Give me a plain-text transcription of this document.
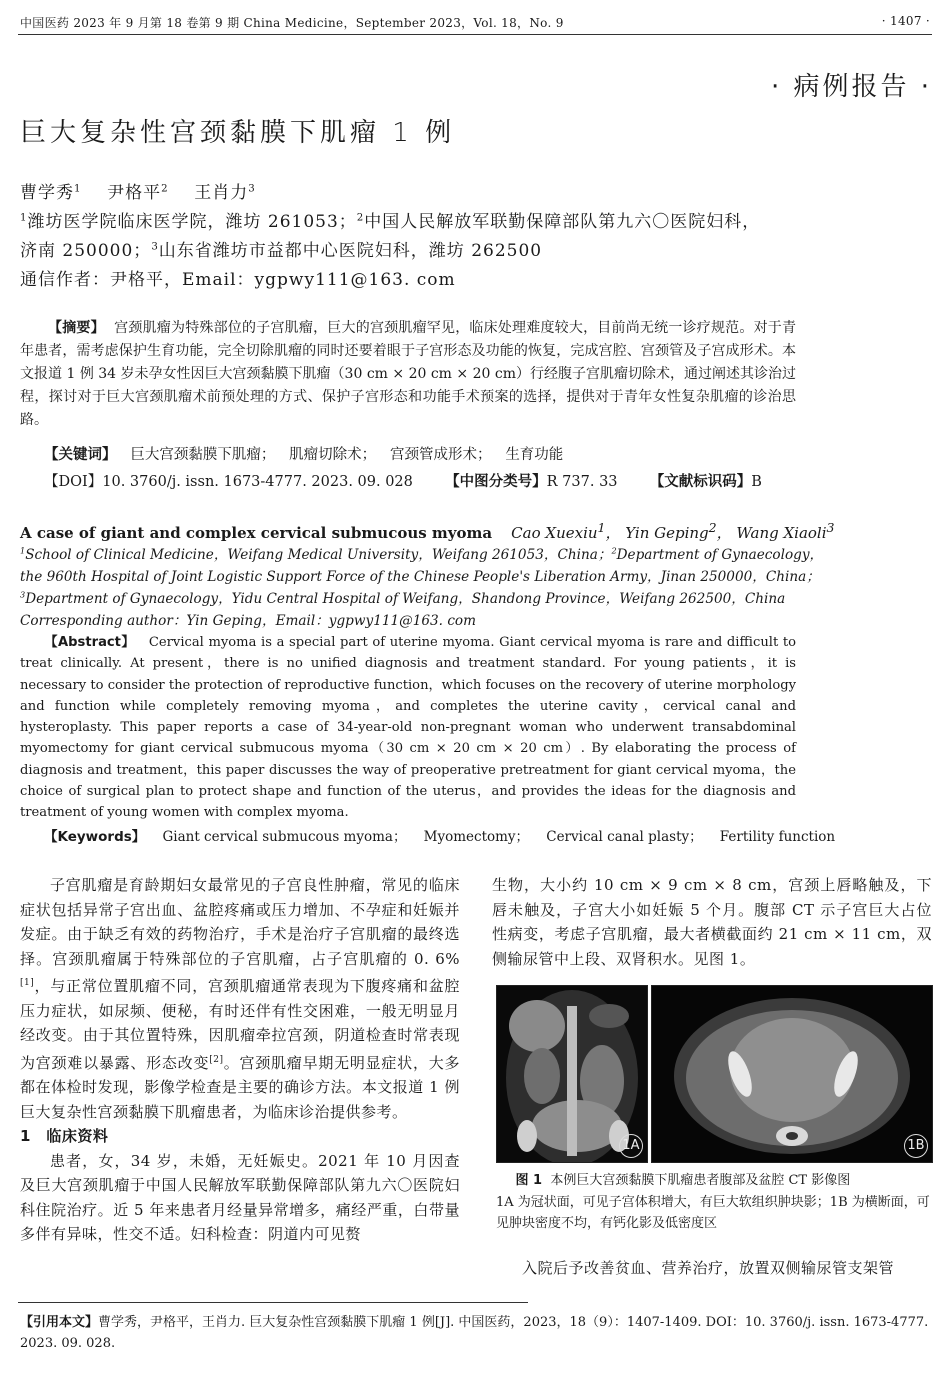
中国医药 2023 年 9 月第 18 卷第 9 期 China Medicine，September 2023，Vol. 18，No. 9	· 1407 ·
· 病例报告 ·
巨大复杂性宫颈黏膜下肌瘤 1 例
曹学秀$^1$ 尹格平$^2$ 王肖力$^3$
$^1$潍坊医学院临床医学院，潍坊 261053；$^2$中国人民解放军联勤保障部队第九六〇医院妇科，
济南 250000；$^3$山东省潍坊市益都中心医院妇科，潍坊 262500
通信作者：尹格平，Email：ygpwy111@163. com
【摘要】 宫颈肌瘤为特殊部位的子宫肌瘤，巨大的宫颈肌瘤罕见，临床处理难度较大，目前尚无统一诊疗规范。对于青年患者，需考虑保护生育功能，完全切除肌瘤的同时还要着眼于子宫形态及功能的恢复，完成宫腔、宫颈管及子宫成形术。本文报道 1 例 34 岁未孕女性因巨大宫颈黏膜下肌瘤（30 cm × 20 cm × 20 cm）行经腹子宫肌瘤切除术，通过阐述其诊治过程，探讨对于巨大宫颈肌瘤术前预处理的方式、保护子宫形态和功能手术预案的选择，提供对于青年女性复杂肌瘤的诊治思路。
【关键词】 巨大宫颈黏膜下肌瘤； 肌瘤切除术； 宫颈管成形术； 生育功能
【DOI】10. 3760/j. issn. 1673-4777. 2023. 09. 028 【中图分类号】R 737. 33 【文献标识码】B
A case of giant and complex cervical submucous myoma Cao Xuexiu$^1$， Yin Geping$^2$， Wang Xiaoli$^3$
$^1$School of Clinical Medicine，Weifang Medical University，Weifang 261053，China；$^2$Department of Gynaecology，
the 960th Hospital of Joint Logistic Support Force of the Chinese People's Liberation Army，Jinan 250000，China；
$^3$Department of Gynaecology，Yidu Central Hospital of Weifang，Shandong Province，Weifang 262500，China
Corresponding author：Yin Geping，Email：ygpwy111@163. com
【Abstract】 Cervical myoma is a special part of uterine myoma. Giant cervical myoma is rare and difficult to treat clinically. At present，there is no unified diagnosis and treatment standard. For young patients，it is necessary to consider the protection of reproductive function，which focuses on the recovery of uterine morphology and function while completely removing myoma，and completes the uterine cavity，cervical canal and hysteroplasty. This paper reports a case of 34-year-old non-pregnant woman who underwent transabdominal myomectomy for giant cervical submucous myoma（30 cm × 20 cm × 20 cm）. By elaborating the process of diagnosis and treatment，this paper discusses the way of preoperative pretreatment for giant cervical myoma，the choice of surgical plan to protect shape and function of the uterus，and provides the ideas for the diagnosis and treatment of young women with complex myoma.
【Keywords】 Giant cervical submucous myoma； Myomectomy； Cervical canal plasty； Fertility function
子宫肌瘤是育龄期妇女最常见的子宫良性肿瘤，常见的临床症状包括异常子宫出血、盆腔疼痛或压力增加、不孕症和妊娠并发症。由于缺乏有效的药物治疗，手术是治疗子宫肌瘤的最终选择。宫颈肌瘤属于特殊部位的子宫肌瘤，占子宫肌瘤的 0. 6%[1]，与正常位置肌瘤不同，宫颈肌瘤通常表现为下腹疼痛和盆腔压力症状，如尿频、便秘，有时还伴有性交困难，一般无明显月经改变。由于其位置特殊，因肌瘤牵拉宫颈，阴道检查时常表现为宫颈难以暴露、形态改变[2]。宫颈肌瘤早期无明显症状，大多都在体检时发现，影像学检查是主要的确诊方法。本文报道 1 例巨大复杂性宫颈黏膜下肌瘤患者，为临床诊治提供参考。
1　临床资料
患者，女，34 岁，未婚，无妊娠史。2021 年 10 月因查及巨大宫颈肌瘤于中国人民解放军联勤保障部队第九六〇医院妇科住院治疗。近 5 年来患者月经量异常增多，痛经严重，白带量多伴有异味，性交不适。妇科检查：阴道内可见赘
生物，大小约 10 cm × 9 cm × 8 cm，宫颈上唇略触及，下唇未触及，子宫大小如妊娠 5 个月。腹部 CT 示子宫巨大占位性病变，考虑子宫肌瘤，最大者横截面约 21 cm × 11 cm，双侧输尿管中上段、双肾积水。见图 1。
1A	1B
图 1 本例巨大宫颈黏膜下肌瘤患者腹部及盆腔 CT 影像图
1A 为冠状面，可见子宫体积增大，有巨大软组织肿块影；1B 为横断面，可见肿块密度不均，有钙化影及低密度区
入院后予改善贫血、营养治疗，放置双侧输尿管支架管
【引用本文】曹学秀，尹格平，王肖力. 巨大复杂性宫颈黏膜下肌瘤 1 例[J]. 中国医药，2023，18（9）：1407-1409. DOI：10. 3760/j. issn. 1673-4777. 2023. 09. 028.
